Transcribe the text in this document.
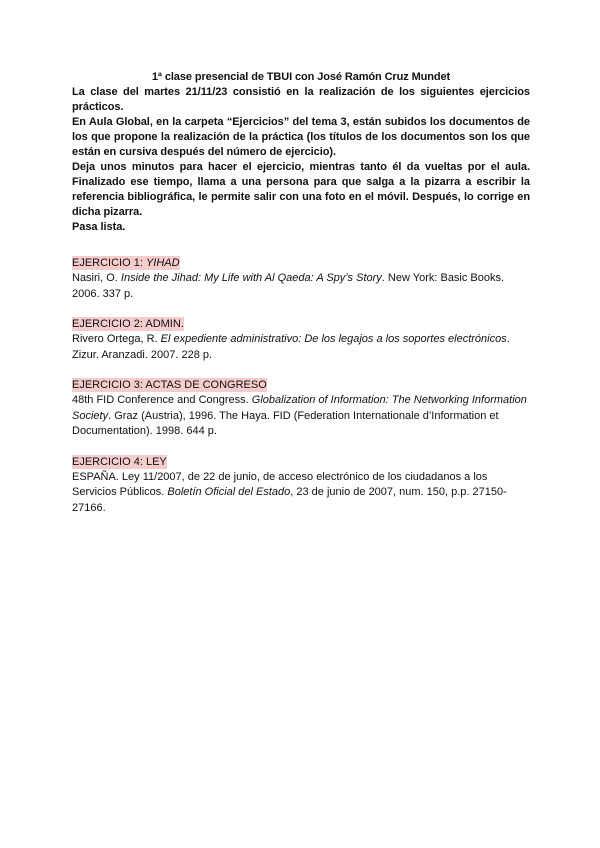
1ª clase presencial de TBUI con José Ramón Cruz Mundet

La clase del martes 21/11/23 consistió en la realización de los siguientes ejercicios prácticos.

En Aula Global, en la carpeta “Ejercicios” del tema 3, están subidos los documentos de los que propone la realización de la práctica (los títulos de los documentos son los que están en cursiva después del número de ejercicio).

Deja unos minutos para hacer el ejercicio, mientras tanto él da vueltas por el aula. Finalizado ese tiempo, llama a una persona para que salga a la pizarra a escribir la referencia bibliográfica, le permite salir con una foto en el móvil. Después, lo corrige en dicha pizarra.

Pasa lista.

EJERCICIO 1: YIHAD

Nasiri, O. Inside the Jihad: My Life with Al Qaeda: A Spy’s Story. New York: Basic Books. 2006. 337 p.

EJERCICIO 2: ADMIN.

Rivero Ortega, R. El expediente administrativo: De los legajos a los soportes electrónicos. Zizur. Aranzadi. 2007. 228 p.

EJERCICIO 3: ACTAS DE CONGRESO

48th FID Conference and Congress. Globalization of Information: The Networking Information Society. Graz (Austria), 1996. The Haya. FID (Federation Internationale d’Information et Documentation). 1998. 644 p.

EJERCICIO 4: LEY

ESPAÑA. Ley 11/2007, de 22 de junio, de acceso electrónico de los ciudadanos a los Servicios Públicos. Boletín Oficial del Estado, 23 de junio de 2007, num. 150, p.p. 27150-27166.
